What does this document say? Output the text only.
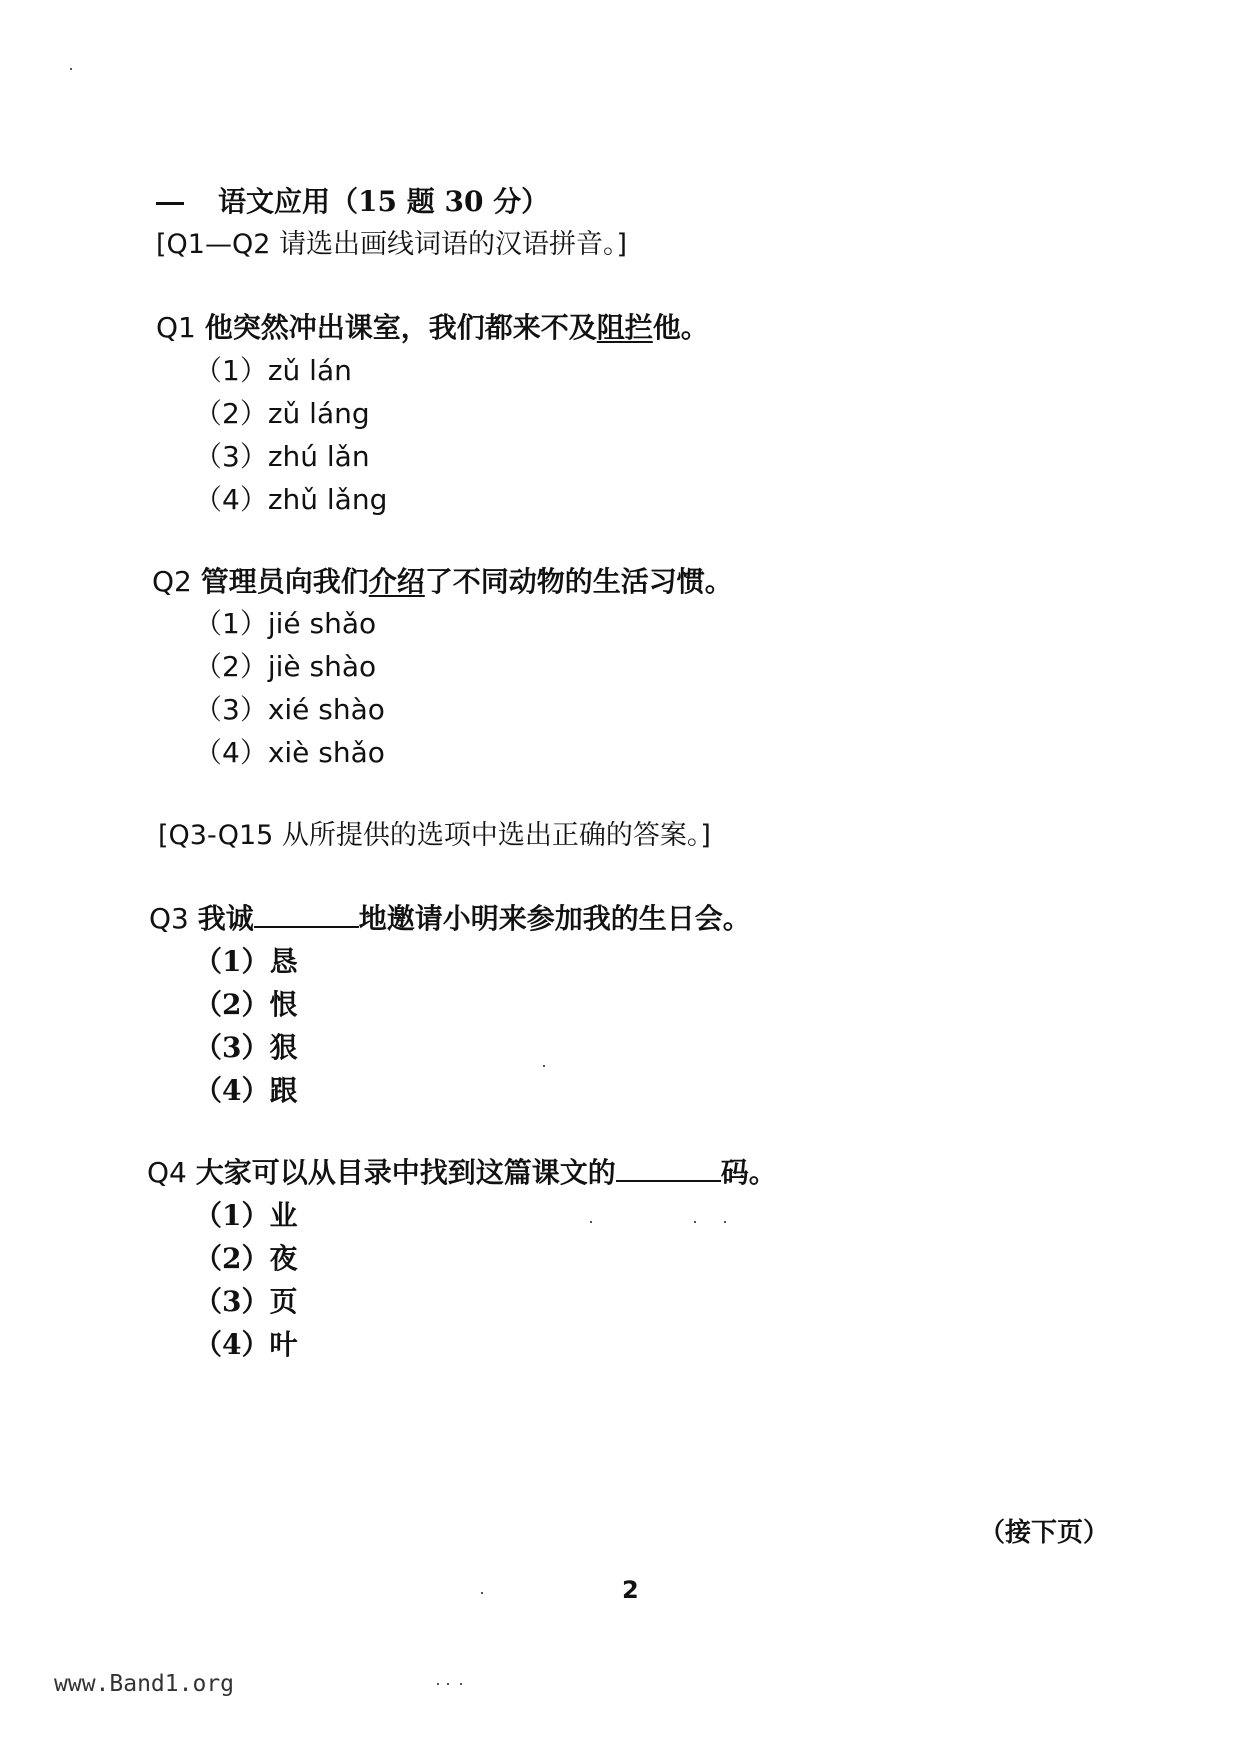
语文应用（15 题 30 分）
[Q1—Q2 请选出画线词语的汉语拼音。]
Q1 他突然冲出课室，我们都来不及阻拦他。
（1）zǔ lán
（2）zǔ láng
（3）zhú lǎn
（4）zhǔ lǎng
Q2 管理员向我们介绍了不同动物的生活习惯。
（1）jié shǎo
（2）jiè shào
（3）xié shào
（4）xiè shǎo
[Q3-Q15 从所提供的选项中选出正确的答案。]
Q3 我诚	地邀请小明来参加我的生日会。
（1）恳
（2）恨
（3）狠
（4）跟
Q4 大家可以从目录中找到这篇课文的	码。
（1）业
（2）夜
（3）页
（4）叶
（接下页）
2
www.Band1.org
